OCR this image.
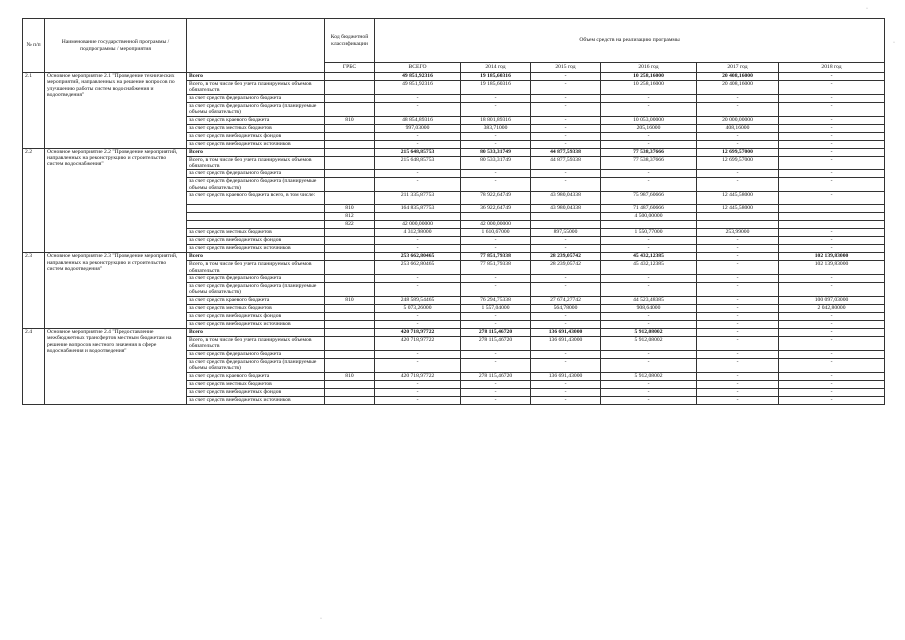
·
·
·
№ п/п	Наименование государственной программы / подпрограммы / мероприятия		Код бюджетной классификации	Объем средств на реализацию программы					
			ГРБС	ВСЕГО	2014 год	2015 год	2016 год	2017 год	2018 год
2.1	Основное мероприятие 2.1 "Проведение технических мероприятий, направленных на решение вопросов по улучшению работы систем водоснабжения и водоотведения"	Всего		49 851,92316	19 185,60316	-	10 258,16000	20 408,16000	-
		Всего, в том числе без учета планируемых объемов обязательств		49 851,92316	19 185,60316	-	10 258,16000	20 408,16000	-
		за счет средств федерального бюджета		-	-	-	-	-	-
		за счет средств федерального бюджета (планируемые объемы обязательств)		-	-	-	-	-	-
		за счет средств краевого бюджета	810	48 854,89316	18 801,89316	-	10 053,00000	20 000,00000	-
		за счет средств местных бюджетов		997,03000	383,71000	-	205,16000	408,16000	-
		за счет средств внебюджетных фондов		-	-	-	-	-	-
		за счет средств внебюджетных источников		-	-	-	-	-	-
2.2	Основное мероприятие 2.2 "Проведение мероприятий, направленных на реконструкцию и строительство систем водоснабжения"	Всего		215 648,85753	80 533,31749	44 877,59338	77 538,37666	12 699,57000	-
		Всего, в том числе без учета планируемых объемов обязательств		215 648,85753	80 533,31749	44 877,59338	77 538,37666	12 699,57000	-
		за счет средств федерального бюджета		-	-	-	-	-	-
		за счет средств федерального бюджета (планируемые объемы обязательств)		-	-	-	-	-	-
		за счет средств краевого бюджета всего, в том числе:		211 335,87753	78 922,64749	43 980,04338	75 987,60666	12 445,58000	-
			810	164 835,87753	36 922,64749	43 980,04338	71 487,60666	12 445,58000	
			812				4 500,00000		
			822	42 000,00000	42 000,00000				
		за счет средств местных бюджетов		4 312,98000	1 610,67000	897,55000	1 550,77000	253,99000	-
		за счет средств внебюджетных фондов		-	-	-	-	-	-
		за счет средств внебюджетных источников		-	-	-	-	-	-
2.3	Основное мероприятие 2.3 "Проведение мероприятий, направленных на реконструкцию и строительство систем водоотведения"	Всего		253 662,80465	77 851,79338	28 239,05742	45 432,12385	-	102 139,83000
		Всего, в том числе без учета планируемых объемов обязательств		253 662,80465	77 851,79338	28 239,05742	45 432,12385	-	102 139,83000
		за счет средств федерального бюджета		-	-	-	-	-	-
		за счет средств федерального бюджета (планируемые объемы обязательств)		-	-	-	-	-	-
		за счет средств краевого бюджета	810	248 589,54465	76 294,75338	27 674,27742	44 523,48385	-	100 097,03000
		за счет средств местных бюджетов		5 073,26000	1 557,04000	564,78000	908,64000	-	2 042,80000
		за счет средств внебюджетных фондов		-	-	-	-	-	-
		за счет средств внебюджетных источников		-	-	-	-	-	-
2.4	Основное мероприятие 2.4 "Предоставление межбюджетных трансфертов местным бюджетам на решение вопросов местного значения в сфере водоснабжения и водоотведения"	Всего		420 718,97722	278 115,46720	136 691,43000	5 912,08002	-	-
		Всего, в том числе без учета планируемых объемов обязательств		420 718,97722	278 115,46720	136 691,43000	5 912,08002	-	-
		за счет средств федерального бюджета		-	-	-	-	-	-
		за счет средств федерального бюджета (планируемые объемы обязательств)		-	-	-	-	-	-
		за счет средств краевого бюджета	810	420 718,97722	278 115,46720	136 691,43000	5 912,08002	-	-
		за счет средств местных бюджетов		-	-	-	-	-	-
		за счет средств внебюджетных фондов		-	-	-	-	-	-
		за счет средств внебюджетных источников		-	-	-	-	-	-
